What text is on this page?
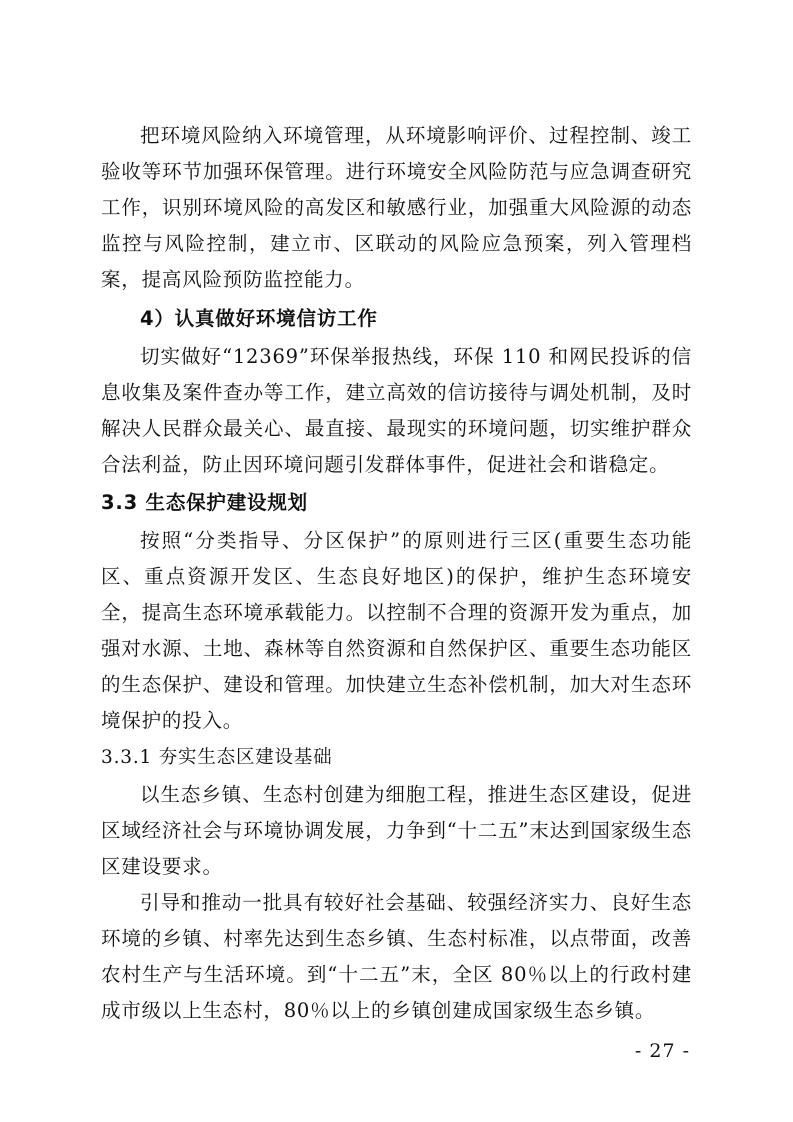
把环境风险纳入环境管理，从环境影响评价、过程控制、竣工验收等环节加强环保管理。进行环境安全风险防范与应急调查研究工作，识别环境风险的高发区和敏感行业，加强重大风险源的动态监控与风险控制，建立市、区联动的风险应急预案，列入管理档案，提高风险预防监控能力。

4）认真做好环境信访工作

切实做好“12369”环保举报热线，环保 110 和网民投诉的信息收集及案件查办等工作，建立高效的信访接待与调处机制，及时解决人民群众最关心、最直接、最现实的环境问题，切实维护群众合法利益，防止因环境问题引发群体事件，促进社会和谐稳定。

3.3 生态保护建设规划

按照“分类指导、分区保护”的原则进行三区(重要生态功能区、重点资源开发区、生态良好地区)的保护，维护生态环境安全，提高生态环境承载能力。以控制不合理的资源开发为重点，加强对水源、土地、森林等自然资源和自然保护区、重要生态功能区的生态保护、建设和管理。加快建立生态补偿机制，加大对生态环境保护的投入。

3.3.1 夯实生态区建设基础

以生态乡镇、生态村创建为细胞工程，推进生态区建设，促进区域经济社会与环境协调发展，力争到“十二五”末达到国家级生态区建设要求。

引导和推动一批具有较好社会基础、较强经济实力、良好生态环境的乡镇、村率先达到生态乡镇、生态村标准，以点带面，改善农村生产与生活环境。到“十二五”末，全区 80％以上的行政村建成市级以上生态村，80％以上的乡镇创建成国家级生态乡镇。

- 27 -
